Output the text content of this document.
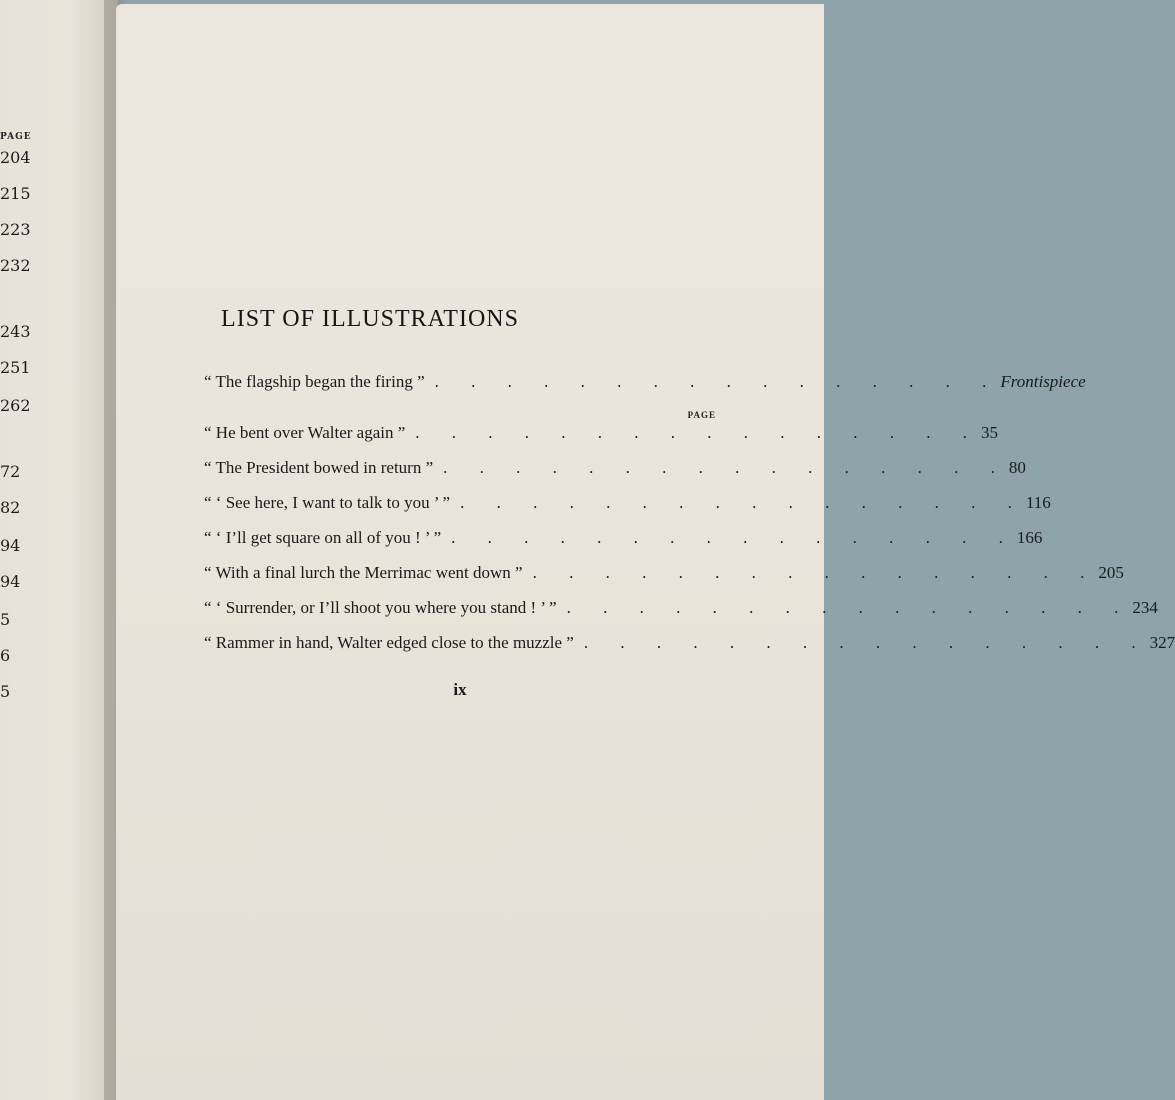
PAGE
204
215
223
232
243
251
262
72
82
94
94
5
6
5
LIST OF ILLUSTRATIONS
“ The flagship began the firing ” . . . . . . . . . . . . . . . . Frontispiece
PAGE
“ He bent over Walter again ” . . . . . . . . . . . . . . . . 35
“ The President bowed in return ” . . . . . . . . . . . . . . . . 80
“ ‘ See here, I want to talk to you ’ ” . . . . . . . . . . . . . . . . 116
“ ‘ I’ll get square on all of you ! ’ ” . . . . . . . . . . . . . . . . 166
“ With a final lurch the Merrimac went down ” . . . . . . . . . . . . . . . . 205
“ ‘ Surrender, or I’ll shoot you where you stand ! ’ ” . . . . . . . . . . . . . . . . 234
“ Rammer in hand, Walter edged close to the muzzle ” . . . . . . . . . . . . . . . . 327
ix
